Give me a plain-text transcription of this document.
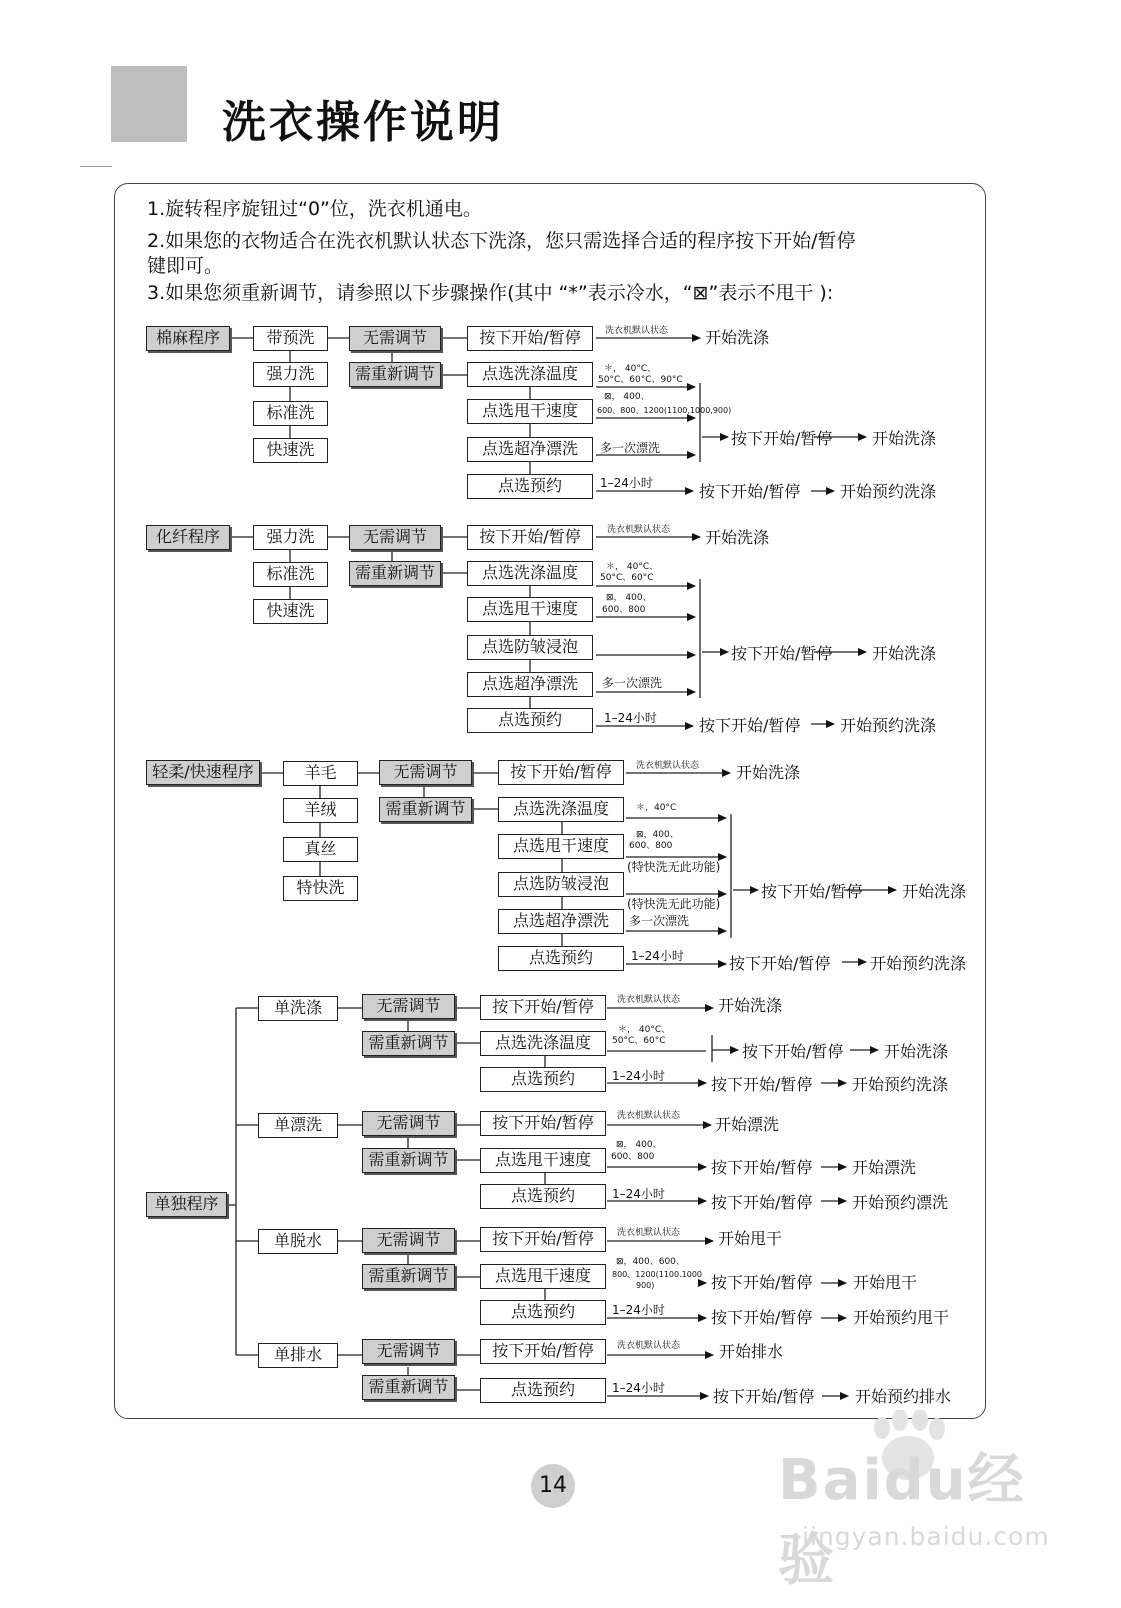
洗衣操作说明
1.旋转程序旋钮过“0”位，洗衣机通电。
2.如果您的衣物适合在洗衣机默认状态下洗涤，您只需选择合适的程序按下开始/暂停
键即可。
3.如果您须重新调节，请参照以下步骤操作(其中 “*”表示冷水，“⊠”表示不甩干 ):
棉麻程序	带预洗
强力洗
标准洗
快速洗
无需调节
需重新调节
按下开始/暂停
点选洗涤温度
点选甩干速度
点选超净漂洗
点选预约
洗衣机默认状态 开始洗涤
＊， 40°C、
50°C、60°C、90°C
⊠， 400、
600、800、1200(1100,1000,900)
多一次漂洗
1–24小时
按下开始/暂停 开始洗涤
按下开始/暂停 开始预约洗涤
化纤程序	强力洗
标准洗
快速洗
无需调节
需重新调节
按下开始/暂停
点选洗涤温度
点选甩干速度
点选防皱浸泡
点选超净漂洗
点选预约
洗衣机默认状态 开始洗涤
＊， 40°C、
50°C、60°C
⊠， 400、
600、800
多一次漂洗
1–24小时
按下开始/暂停 开始洗涤
按下开始/暂停 开始预约洗涤
轻柔/快速程序	羊毛
羊绒
真丝
特快洗
无需调节
需重新调节
按下开始/暂停
点选洗涤温度
点选甩干速度
点选防皱浸泡
点选超净漂洗
点选预约
洗衣机默认状态 开始洗涤
＊，40°C
⊠，400、
600、800
(特快洗无此功能)
(特快洗无此功能)
多一次漂洗
1–24小时
按下开始/暂停 开始洗涤
按下开始/暂停 开始预约洗涤
单独程序
单洗涤	无需调节
需重新调节
按下开始/暂停
点选洗涤温度
点选预约
洗衣机默认状态 开始洗涤
＊， 40°C、
50°C、60°C
1–24小时
按下开始/暂停	开始洗涤
按下开始/暂停 开始预约洗涤
单漂洗	无需调节
需重新调节
按下开始/暂停
点选甩干速度
点选预约
洗衣机默认状态 开始漂洗
⊠， 400、
600、800
1–24小时
按下开始/暂停 开始漂洗
按下开始/暂停 开始预约漂洗
单脱水	无需调节
需重新调节
按下开始/暂停
点选甩干速度
点选预约
洗衣机默认状态 开始甩干
⊠，400、600、
800、1200(1100.1000
900)
1–24小时
按下开始/暂停	开始甩干
按下开始/暂停	开始预约甩干
单排水	无需调节
需重新调节
按下开始/暂停
点选预约
洗衣机默认状态 开始排水
1–24小时	按下开始/暂停	开始预约排水
14	Baidu经验
jingyan.baidu.com
